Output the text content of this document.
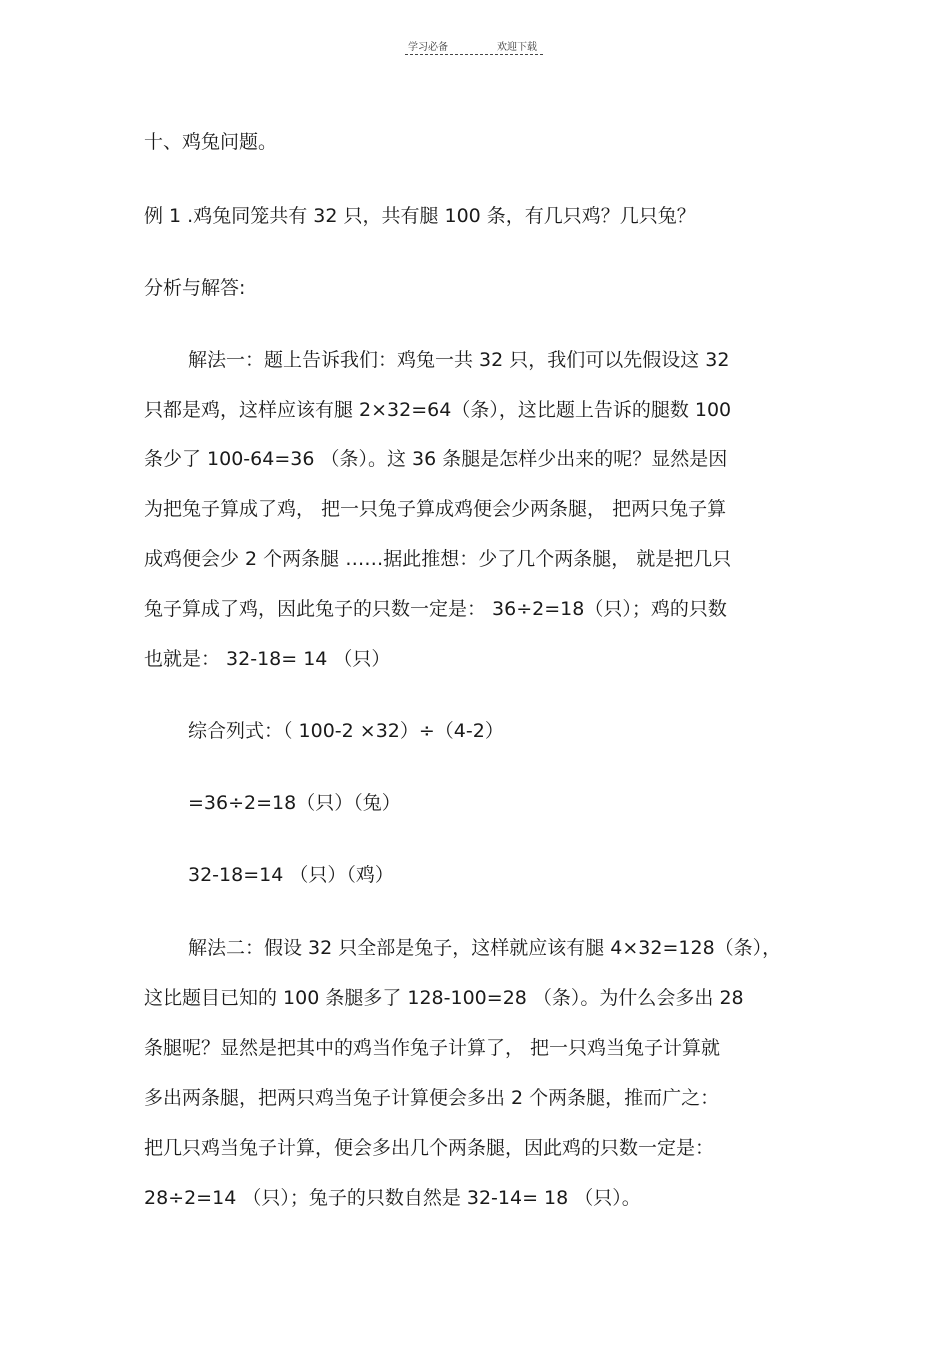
学习必备	欢迎下载
十、鸡兔问题。
例 1 .鸡兔同笼共有 32 只，共有腿 100 条，有几只鸡？几只兔？
分析与解答:
解法一：题上告诉我们：鸡兔一共 32 只，我们可以先假设这 32
只都是鸡，这样应该有腿 2×32=64（条），这比题上告诉的腿数 100
条少了 100-64=36 （条）。这 36 条腿是怎样少出来的呢？显然是因
为把兔子算成了鸡， 把一只兔子算成鸡便会少两条腿， 把两只兔子算
成鸡便会少 2 个两条腿 ……据此推想：少了几个两条腿， 就是把几只
兔子算成了鸡，因此兔子的只数一定是： 36÷2=18（只）；鸡的只数
也就是： 32-18= 14 （只）
综合列式：（ 100-2 ×32）÷（4-2）
=36÷2=18（只）（兔）
32-18=14 （只）（鸡）
解法二：假设 32 只全部是兔子，这样就应该有腿 4×32=128（条），
这比题目已知的 100 条腿多了 128-100=28 （条）。为什么会多出 28
条腿呢？显然是把其中的鸡当作兔子计算了， 把一只鸡当兔子计算就
多出两条腿，把两只鸡当兔子计算便会多出 2 个两条腿，推而广之：
把几只鸡当兔子计算，便会多出几个两条腿，因此鸡的只数一定是：
28÷2=14 （只）；兔子的只数自然是 32-14= 18 （只）。
